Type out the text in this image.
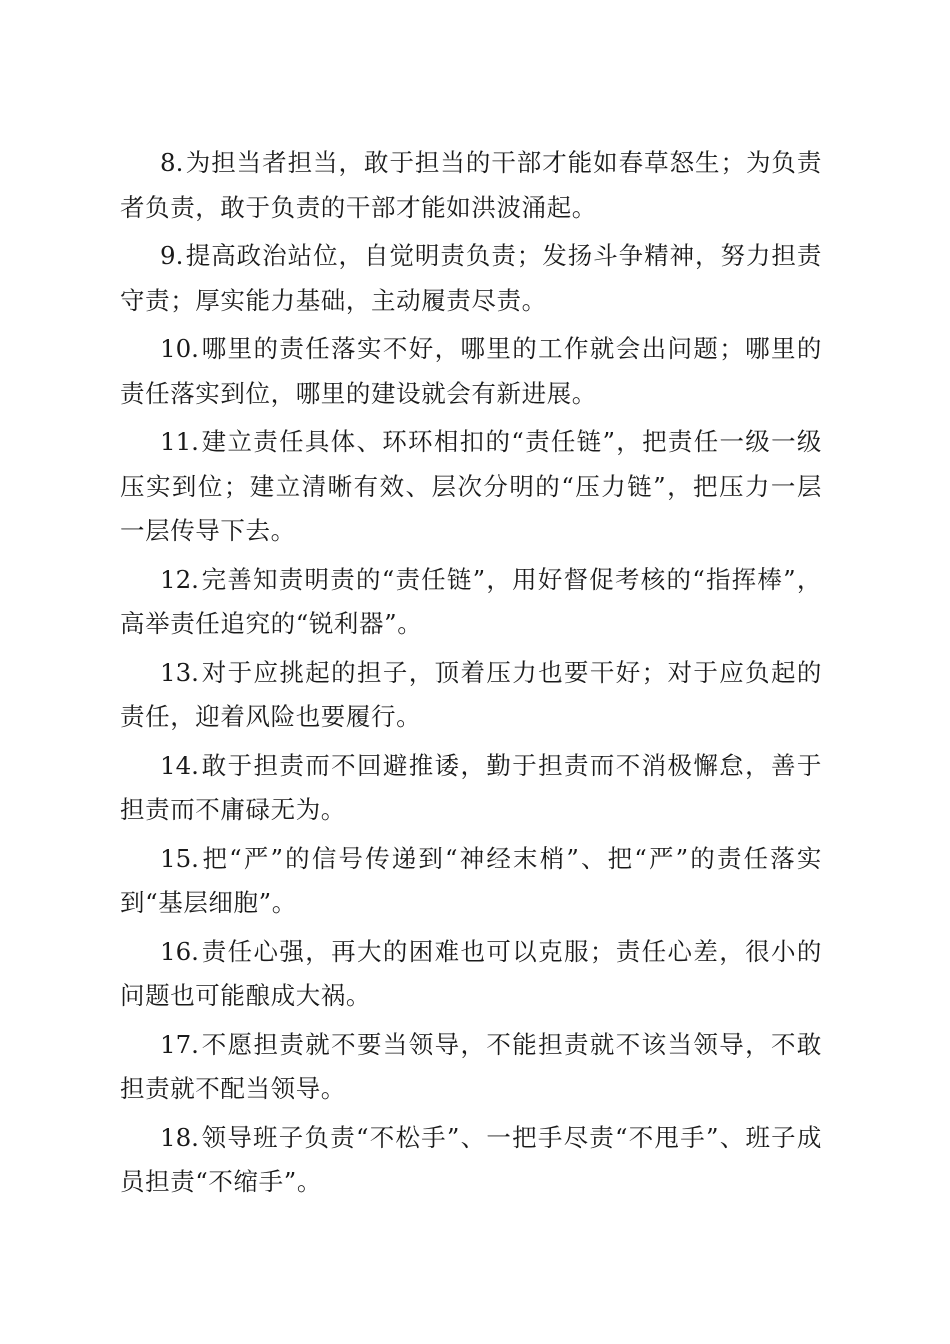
8.为担当者担当，敢于担当的干部才能如春草怒生；为负责者负责，敢于负责的干部才能如洪波涌起。

9.提高政治站位，自觉明责负责；发扬斗争精神，努力担责守责；厚实能力基础，主动履责尽责。

10.哪里的责任落实不好，哪里的工作就会出问题；哪里的责任落实到位，哪里的建设就会有新进展。

11.建立责任具体、环环相扣的“责任链”，把责任一级一级压实到位；建立清晰有效、层次分明的“压力链”，把压力一层一层传导下去。

12.完善知责明责的“责任链”，用好督促考核的“指挥棒”，高举责任追究的“锐利器”。

13.对于应挑起的担子，顶着压力也要干好；对于应负起的责任，迎着风险也要履行。

14.敢于担责而不回避推诿，勤于担责而不消极懈怠，善于担责而不庸碌无为。

15.把“严”的信号传递到“神经末梢”、把“严”的责任落实到“基层细胞”。

16.责任心强，再大的困难也可以克服；责任心差，很小的问题也可能酿成大祸。

17.不愿担责就不要当领导，不能担责就不该当领导，不敢担责就不配当领导。

18.领导班子负责“不松手”、一把手尽责“不甩手”、班子成员担责“不缩手”。
